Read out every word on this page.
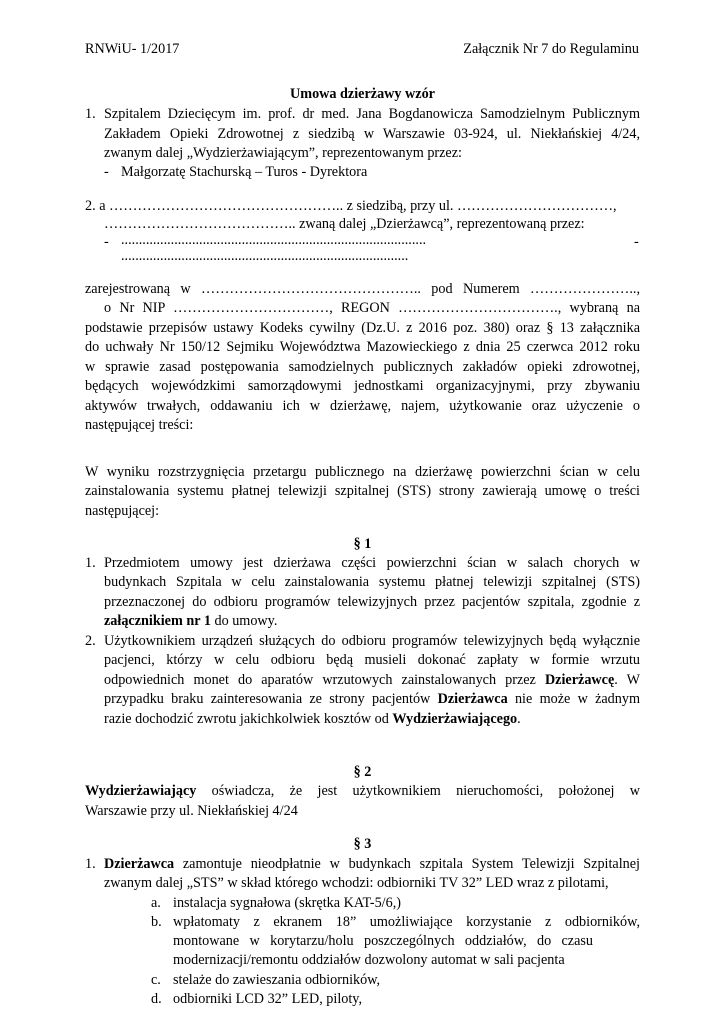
RNWiU- 1/2017	Załącznik Nr 7 do Regulaminu
Umowa dzierżawy wzór
1. Szpitalem Dziecięcym im. prof. dr med. Jana Bogdanowicza Samodzielnym Publicznym
Zakładem Opieki Zdrowotnej z siedzibą w Warszawie 03-924, ul. Niekłańskiej 4/24,
zwanym dalej „Wydzierżawiającym”, reprezentowanym przez:
- Małgorzatę Stachurską – Turos - Dyrektora
2. a ………………………………………….. z siedzibą, przy ul. ……………………………,
………………………………….. zwaną dalej „Dzierżawcą”, reprezentowaną przez:
- ......................................................................................	-
.................................................................................
zarejestrowaną w ……………………………………….. pod Numerem …………………..,
o Nr NIP ……………………………, REGON ……………………………., wybraną na
podstawie przepisów ustawy Kodeks cywilny (Dz.U. z 2016 poz. 380) oraz § 13 załącznika
do uchwały Nr 150/12 Sejmiku Województwa Mazowieckiego z dnia 25 czerwca 2012 roku
w sprawie zasad postępowania samodzielnych publicznych zakładów opieki zdrowotnej,
będących wojewódzkimi samorządowymi jednostkami organizacyjnymi, przy zbywaniu
aktywów trwałych, oddawaniu ich w dzierżawę, najem, użytkowanie oraz użyczenie o
następującej treści:
W wyniku rozstrzygnięcia przetargu publicznego na dzierżawę powierzchni ścian w celu
zainstalowania systemu płatnej telewizji szpitalnej (STS) strony zawierają umowę o treści
następującej:
§ 1
1. Przedmiotem umowy jest dzierżawa części powierzchni ścian w salach chorych w
budynkach Szpitala w celu zainstalowania systemu płatnej telewizji szpitalnej (STS)
przeznaczonej do odbioru programów telewizyjnych przez pacjentów szpitala, zgodnie z
załącznikiem nr 1 do umowy.
2. Użytkownikiem urządzeń służących do odbioru programów telewizyjnych będą wyłącznie
pacjenci, którzy w celu odbioru będą musieli dokonać zapłaty w formie wrzutu
odpowiednich monet do aparatów wrzutowych zainstalowanych przez Dzierżawcę. W
przypadku braku zainteresowania ze strony pacjentów Dzierżawca nie może w żadnym
razie dochodzić zwrotu jakichkolwiek kosztów od Wydzierżawiającego.
§ 2
Wydzierżawiający oświadcza, że jest użytkownikiem nieruchomości, położonej w
Warszawie przy ul. Niekłańskiej 4/24
§ 3
1. Dzierżawca zamontuje nieodpłatnie w budynkach szpitala System Telewizji Szpitalnej
zwanym dalej „STS” w skład którego wchodzi: odbiorniki TV 32” LED wraz z pilotami,
a. instalacja sygnałowa (skrętka KAT-5/6,)
b. wpłatomaty z ekranem 18” umożliwiające korzystanie z odbiorników,
montowane w korytarzu/holu poszczególnych oddziałów, do czasu
modernizacji/remontu oddziałów dozwolony automat w sali pacjenta
c. stelaże do zawieszania odbiorników,
d. odbiorniki LCD 32” LED, piloty,
